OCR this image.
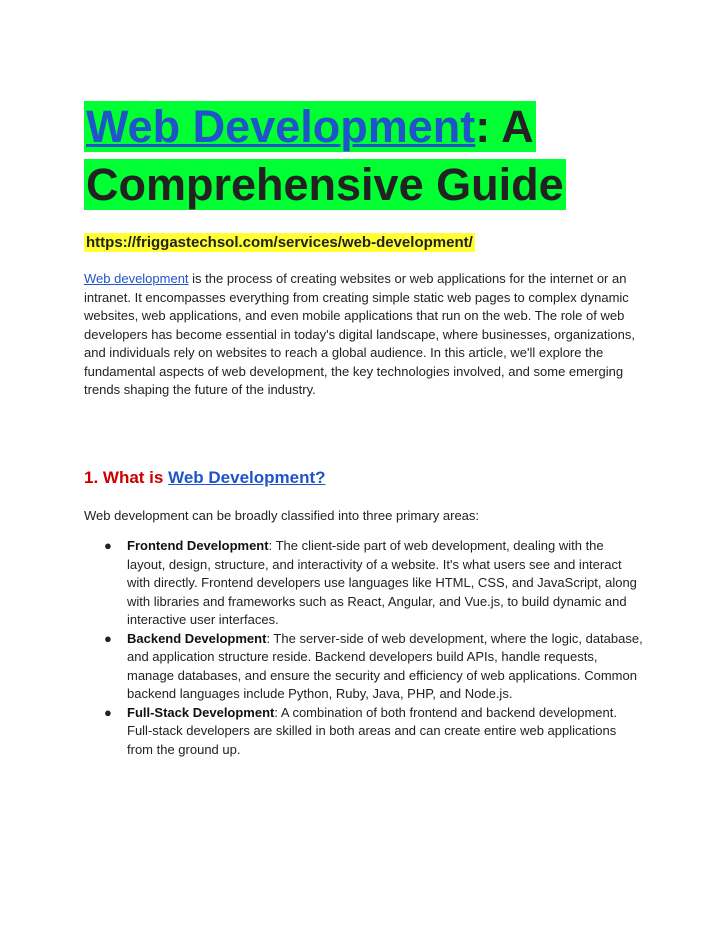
Web Development: A
Comprehensive Guide
https://friggastechsol.com/services/web-development/

Web development is the process of creating websites or web applications for the internet or an intranet. It encompasses everything from creating simple static web pages to complex dynamic websites, web applications, and even mobile applications that run on the web. The role of web developers has become essential in today's digital landscape, where businesses, organizations, and individuals rely on websites to reach a global audience. In this article, we'll explore the fundamental aspects of web development, the key technologies involved, and some emerging trends shaping the future of the industry.

1. What is Web Development?

Web development can be broadly classified into three primary areas:

● Frontend Development: The client-side part of web development, dealing with the layout, design, structure, and interactivity of a website. It's what users see and interact with directly. Frontend developers use languages like HTML, CSS, and JavaScript, along with libraries and frameworks such as React, Angular, and Vue.js, to build dynamic and interactive user interfaces.
● Backend Development: The server-side of web development, where the logic, database, and application structure reside. Backend developers build APIs, handle requests, manage databases, and ensure the security and efficiency of web applications. Common backend languages include Python, Ruby, Java, PHP, and Node.js.
● Full-Stack Development: A combination of both frontend and backend development. Full-stack developers are skilled in both areas and can create entire web applications from the ground up.
